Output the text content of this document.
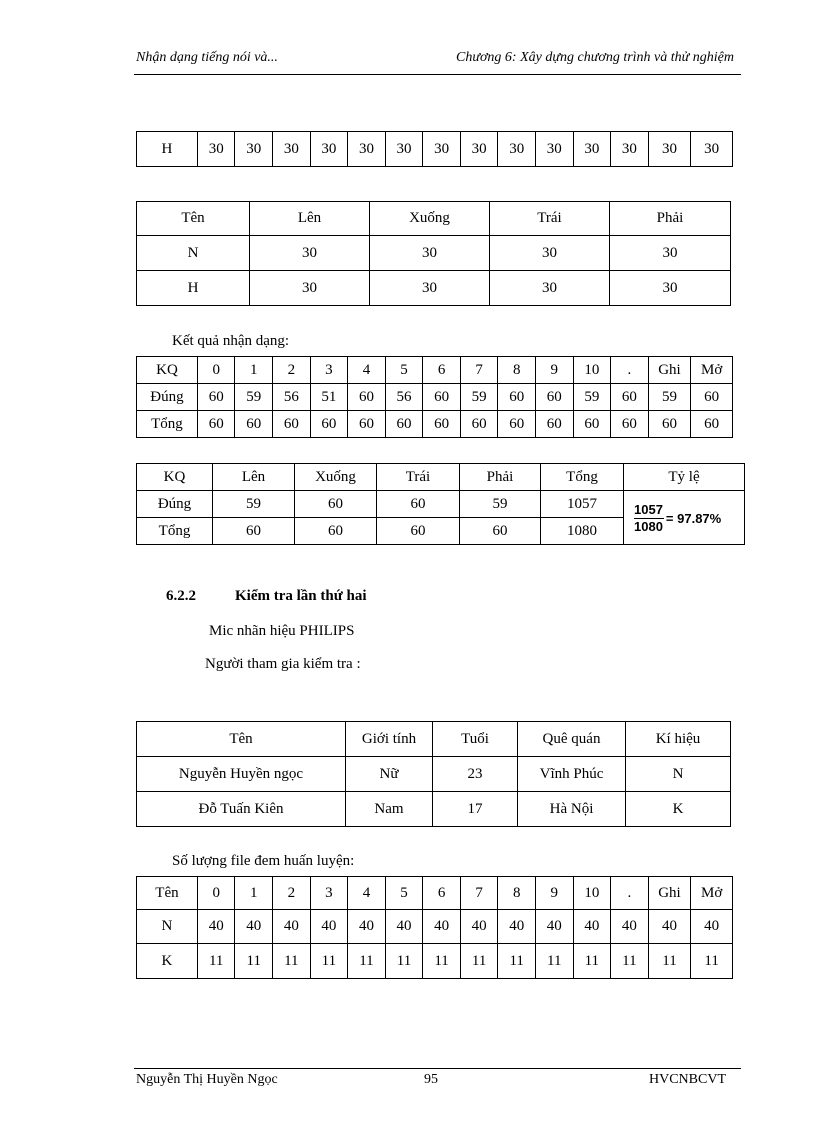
Nhận dạng tiếng nói và...	Chương 6: Xây dựng chương trình và thử nghiệm
H	30	30	30	30	30	30	30	30	30	30	30	30	30	30
Tên	Lên	Xuống	Trái	Phải
N	30	30	30	30
H	30	30	30	30
Kết quả nhận dạng:
KQ	0	1	2	3	4	5	6	7	8	9	10	.	Ghi	Mở
Đúng	60	59	56	51	60	56	60	59	60	60	59	60	59	60
Tổng	60	60	60	60	60	60	60	60	60	60	60	60	60	60
KQ	Lên	Xuống	Trái	Phải	Tổng	Tỷ lệ
Đúng	59	60	60	59	1057	$\frac{1057}{1080} = 97.87\%$

Tổng	60	60	60	60	1080	
6.2.2	Kiểm tra lần thứ hai
Mic nhãn hiệu PHILIPS
Người tham gia kiểm tra :
Tên	Giới tính	Tuổi	Quê quán	Kí hiệu
Nguyễn Huyền ngọc	Nữ	23	Vĩnh Phúc	N
Đỗ Tuấn Kiên	Nam	17	Hà Nội	K
Số lượng file đem huấn luyện:
Tên	0	1	2	3	4	5	6	7	8	9	10	.	Ghi	Mở
N	40	40	40	40	40	40	40	40	40	40	40	40	40	40
K	11	11	11	11	11	11	11	11	11	11	11	11	11	11
Nguyễn Thị Huyền Ngọc	95	HVCNBCVT
